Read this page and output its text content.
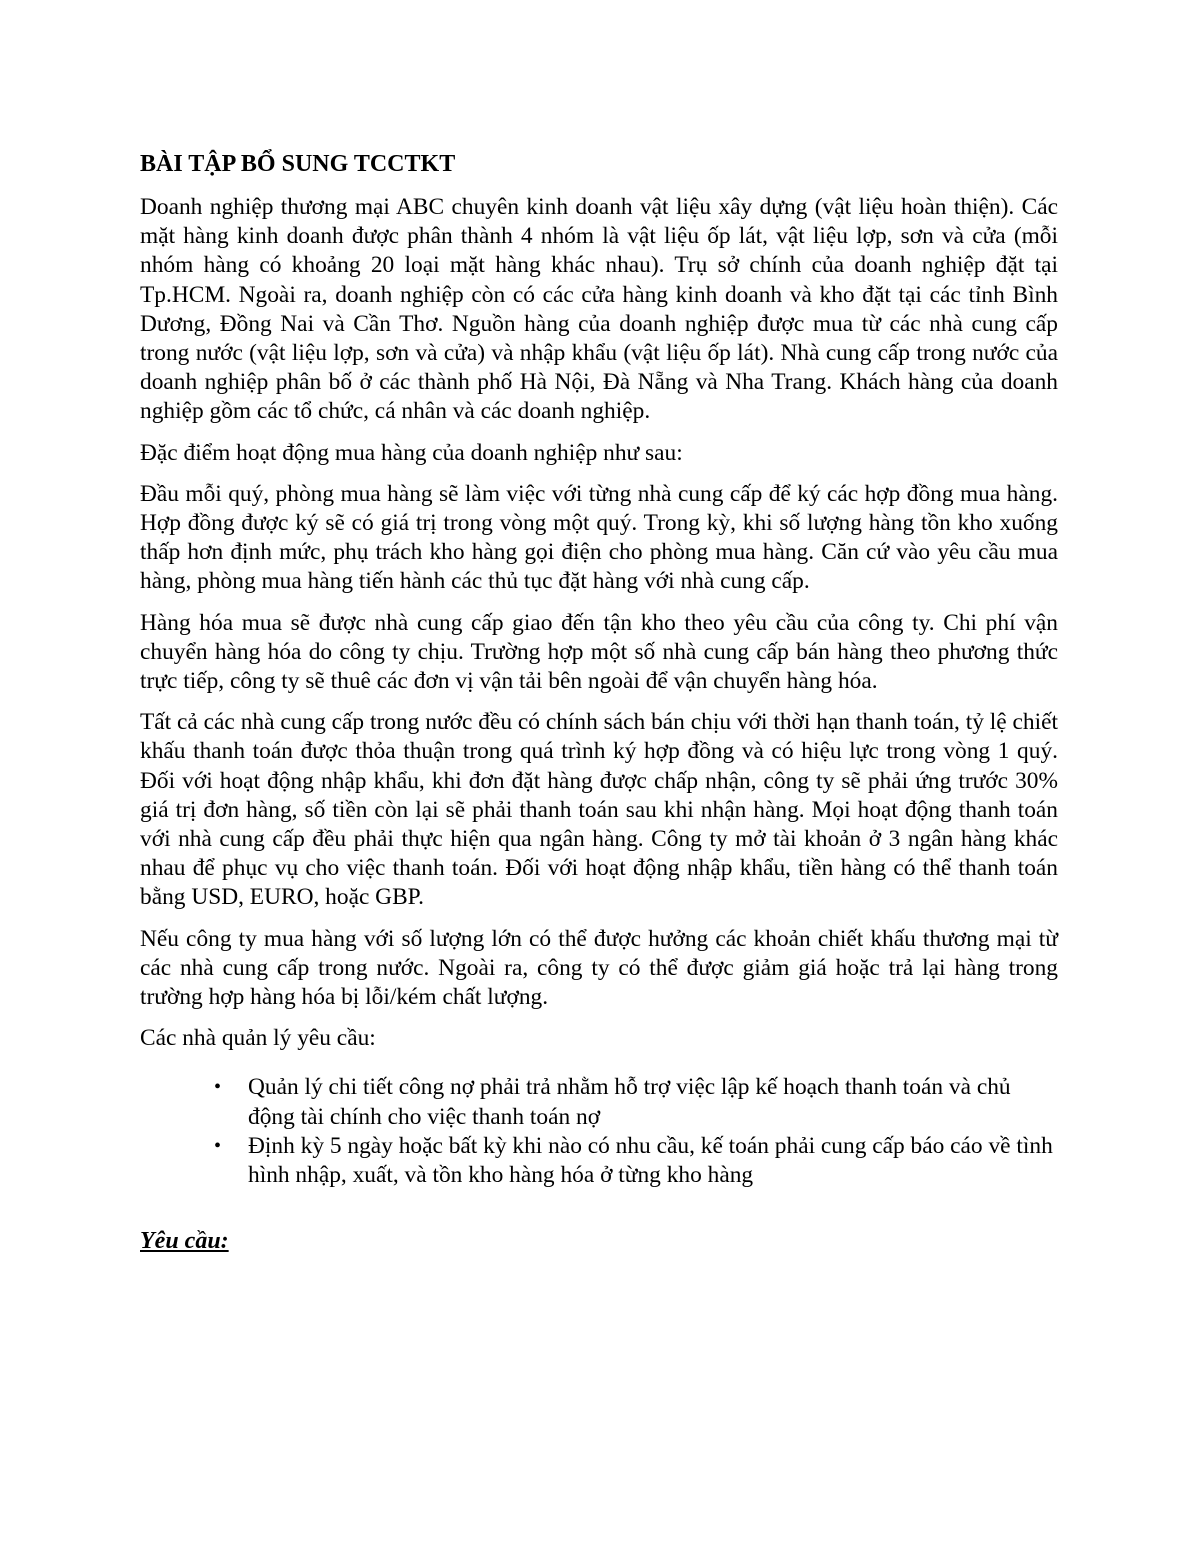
BÀI TẬP BỔ SUNG TCCTKT

Doanh nghiệp thương mại ABC chuyên kinh doanh vật liệu xây dựng (vật liệu hoàn thiện). Các mặt hàng kinh doanh được phân thành 4 nhóm là vật liệu ốp lát, vật liệu lợp, sơn và cửa (mỗi nhóm hàng có khoảng 20 loại mặt hàng khác nhau). Trụ sở chính của doanh nghiệp đặt tại Tp.HCM. Ngoài ra, doanh nghiệp còn có các cửa hàng kinh doanh và kho đặt tại các tỉnh Bình Dương, Đồng Nai và Cần Thơ. Nguồn hàng của doanh nghiệp được mua từ các nhà cung cấp trong nước (vật liệu lợp, sơn và cửa) và nhập khẩu (vật liệu ốp lát). Nhà cung cấp trong nước của doanh nghiệp phân bố ở các thành phố Hà Nội, Đà Nẵng và Nha Trang. Khách hàng của doanh nghiệp gồm các tổ chức, cá nhân và các doanh nghiệp.

Đặc điểm hoạt động mua hàng của doanh nghiệp như sau:

Đầu mỗi quý, phòng mua hàng sẽ làm việc với từng nhà cung cấp để ký các hợp đồng mua hàng. Hợp đồng được ký sẽ có giá trị trong vòng một quý. Trong kỳ, khi số lượng hàng tồn kho xuống thấp hơn định mức, phụ trách kho hàng gọi điện cho phòng mua hàng. Căn cứ vào yêu cầu mua hàng, phòng mua hàng tiến hành các thủ tục đặt hàng với nhà cung cấp.

Hàng hóa mua sẽ được nhà cung cấp giao đến tận kho theo yêu cầu của công ty. Chi phí vận chuyển hàng hóa do công ty chịu. Trường hợp một số nhà cung cấp bán hàng theo phương thức trực tiếp, công ty sẽ thuê các đơn vị vận tải bên ngoài để vận chuyển hàng hóa.

Tất cả các nhà cung cấp trong nước đều có chính sách bán chịu với thời hạn thanh toán, tỷ lệ chiết khấu thanh toán được thỏa thuận trong quá trình ký hợp đồng và có hiệu lực trong vòng 1 quý. Đối với hoạt động nhập khẩu, khi đơn đặt hàng được chấp nhận, công ty sẽ phải ứng trước 30% giá trị đơn hàng, số tiền còn lại sẽ phải thanh toán sau khi nhận hàng. Mọi hoạt động thanh toán với nhà cung cấp đều phải thực hiện qua ngân hàng. Công ty mở tài khoản ở 3 ngân hàng khác nhau để phục vụ cho việc thanh toán. Đối với hoạt động nhập khẩu, tiền hàng có thể thanh toán bằng USD, EURO, hoặc GBP.

Nếu công ty mua hàng với số lượng lớn có thể được hưởng các khoản chiết khấu thương mại từ các nhà cung cấp trong nước. Ngoài ra, công ty có thể được giảm giá hoặc trả lại hàng trong trường hợp hàng hóa bị lỗi/kém chất lượng.

Các nhà quản lý yêu cầu:

• Quản lý chi tiết công nợ phải trả nhằm hỗ trợ việc lập kế hoạch thanh toán và chủ động tài chính cho việc thanh toán nợ
• Định kỳ 5 ngày hoặc bất kỳ khi nào có nhu cầu, kế toán phải cung cấp báo cáo về tình hình nhập, xuất, và tồn kho hàng hóa ở từng kho hàng
Yêu cầu:
